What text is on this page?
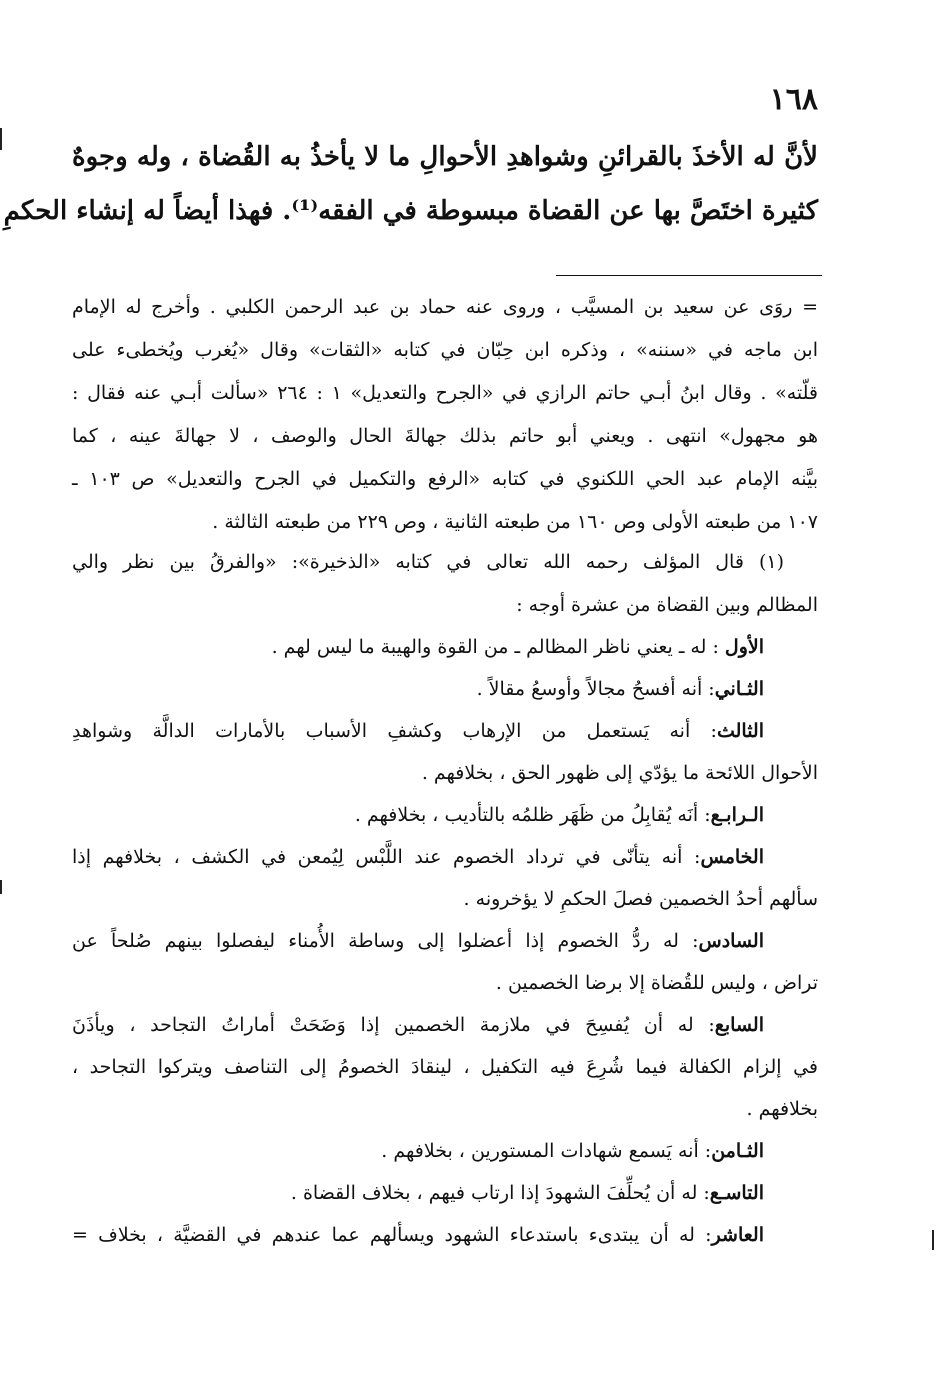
١٦٨
لأنَّ له الأخذَ بالقرائنِ وشواهدِ الأحوالِ ما لا يأخذُ به القُضاة ، وله وجوهٌ
كثيرة اختَصَّ بها عن القضاة مبسوطة في الفقه⁽¹⁾. فهذا أيضاً له إنشاء الحكمِ
= روَى عن سعيد بن المسيَّب ، وروى عنه حماد بن عبد الرحمن الكلبي . وأخرج له الإمام
ابن ماجه في «سننه» ، وذكره ابن حِبّان في كتابه «الثقات» وقال «يُغرب ويُخطىء على
قلّته» . وقال ابنُ أبـي حاتم الرازي في «الجرح والتعديل» ١ : ٢٦٤ «سألت أبـي عنه فقال :
هو مجهول» انتهى . ويعني أبو حاتم بذلك جهالةَ الحال والوصف ، لا جهالةَ عينه ، كما
بيَّنه الإمام عبد الحي اللكنوي في كتابه «الرفع والتكميل في الجرح والتعديل» ص ١٠٣ ـ
١٠٧ من طبعته الأولى وص ١٦٠ من طبعته الثانية ، وص ٢٢٩ من طبعته الثالثة .
(١) قال المؤلف رحمه الله تعالى في كتابه «الذخيرة»: «والفرقُ بين نظر والي
المظالم وبين القضاة من عشرة أوجه :
الأول : له ـ يعني ناظر المظالم ـ من القوة والهيبة ما ليس لهم .
الثـاني: أنه أفسحُ مجالاً وأوسعُ مقالاً .
الثالث: أنه يَستعمل من الإرهاب وكشفِ الأسباب بالأمارات الدالَّة وشواهدِ
الأحوال اللائحة ما يؤدّي إلى ظهور الحق ، بخلافهم .
الـرابـع: أنَه يُقابِلُ من ظَهَر ظلمُه بالتأديب ، بخلافهم .
الخامس: أنه يتأنّى في ترداد الخصوم عند اللَّبْس لِيُمعن في الكشف ، بخلافهم إذا
سألهم أحدُ الخصمين فصلَ الحكمِ لا يؤخرونه .
السادس: له ردُّ الخصوم إذا أعضلوا إلى وساطة الأُمناء ليفصلوا بينهم صُلحاً عن
تراض ، وليس للقُضاة إلا برضا الخصمين .
السابع: له أن يُفسِحَ في ملازمة الخصمين إذا وَضَحَتْ أماراتُ التجاحد ، ويأذَنَ
في إلزام الكفالة فيما شُرِعَ فيه التكفيل ، لينقادَ الخصومُ إلى التناصف ويتركوا التجاحد ،
بخلافهم .
الثـامن: أنه يَسمع شهادات المستورين ، بخلافهم .
التاسـع: له أن يُحلِّفَ الشهودَ إذا ارتاب فيهم ، بخلاف القضاة .
العاشر: له أن يبتدىء باستدعاء الشهود ويسألهم عما عندهم في القضيَّة ، بخلاف =
